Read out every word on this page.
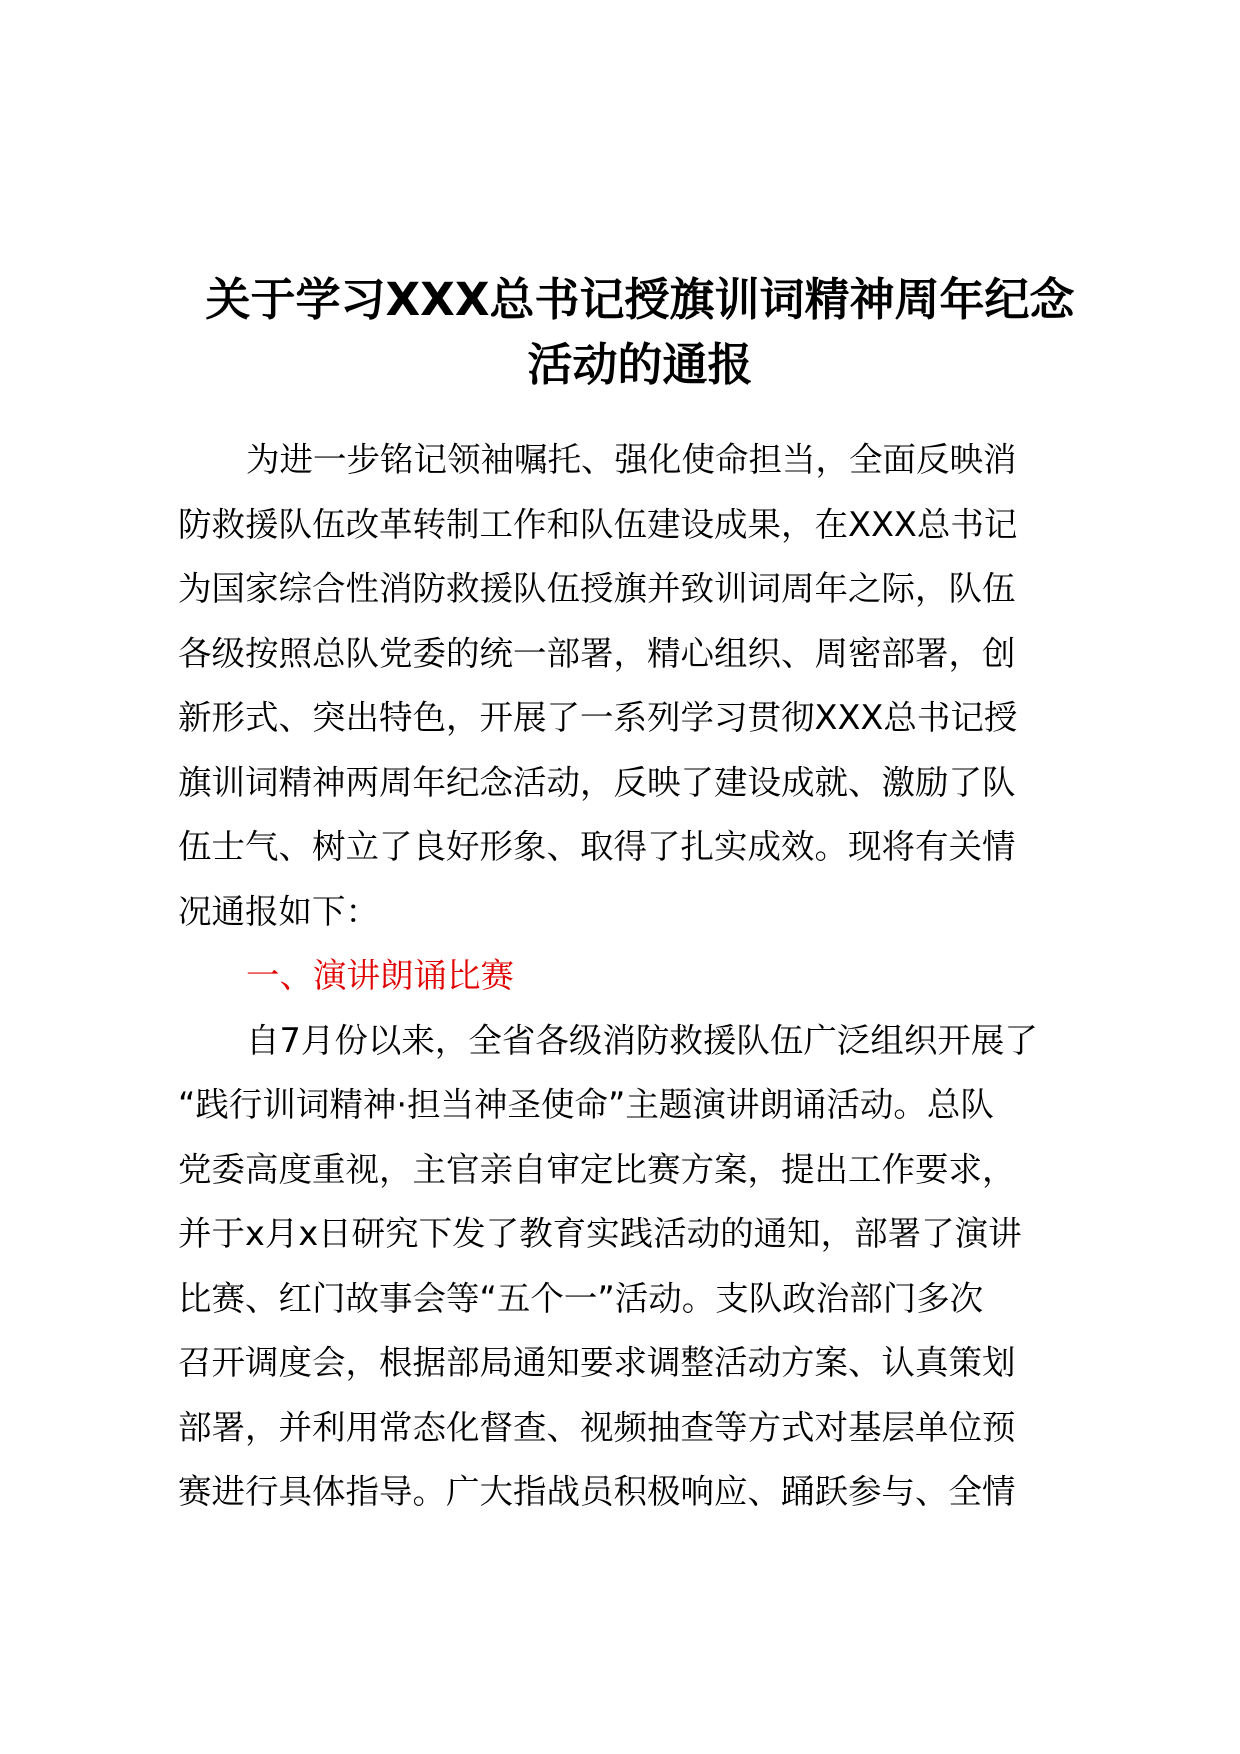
关于学习XXX总书记授旗训词精神周年纪念
活动的通报
为进一步铭记领袖嘱托、强化使命担当，全面反映消
防救援队伍改革转制工作和队伍建设成果，在XXX总书记
为国家综合性消防救援队伍授旗并致训词周年之际，队伍
各级按照总队党委的统一部署，精心组织、周密部署，创
新形式、突出特色，开展了一系列学习贯彻XXX总书记授
旗训词精神两周年纪念活动，反映了建设成就、激励了队
伍士气、树立了良好形象、取得了扎实成效。现将有关情
况通报如下：
一、演讲朗诵比赛
自7月份以来，全省各级消防救援队伍广泛组织开展了
“践行训词精神·担当神圣使命”主题演讲朗诵活动。总队
党委高度重视，主官亲自审定比赛方案，提出工作要求，
并于x月x日研究下发了教育实践活动的通知，部署了演讲
比赛、红门故事会等“五个一”活动。支队政治部门多次
召开调度会，根据部局通知要求调整活动方案、认真策划
部署，并利用常态化督查、视频抽查等方式对基层单位预
赛进行具体指导。广大指战员积极响应、踊跃参与、全情
